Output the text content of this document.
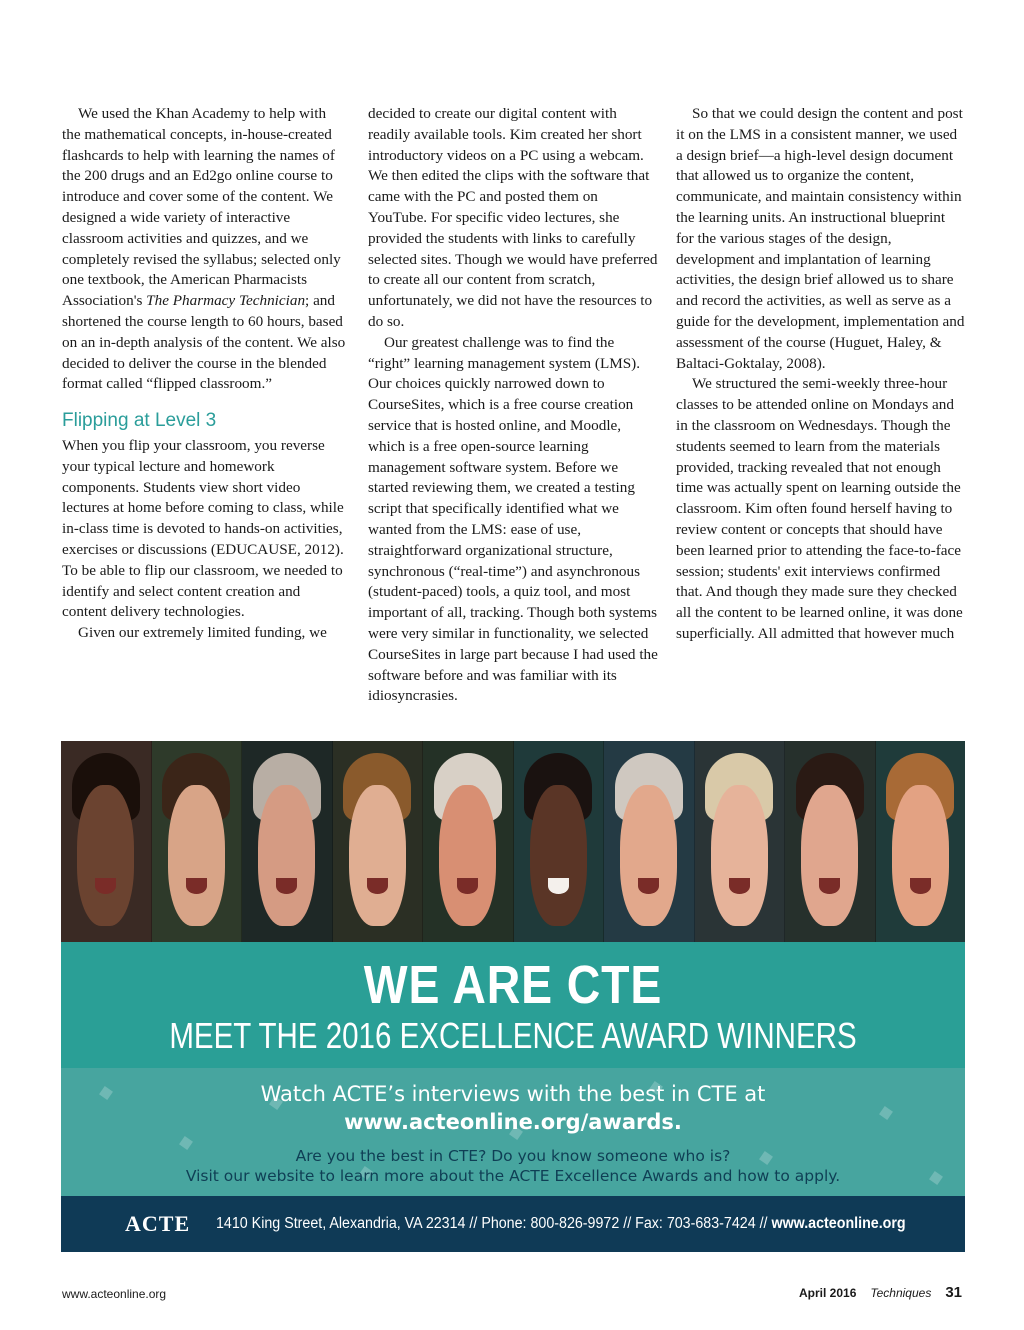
We used the Khan Academy to help with the mathematical concepts, in-house-created flashcards to help with learning the names of the 200 drugs and an Ed2go online course to introduce and cover some of the content. We designed a wide variety of interactive classroom activities and quizzes, and we completely revised the syllabus; selected only one textbook, the American Pharmacists Association's The Pharmacy Technician; and shortened the course length to 60 hours, based on an in-depth analysis of the content. We also decided to deliver the course in the blended format called “flipped classroom.”

Flipping at Level 3

When you flip your classroom, you reverse your typical lecture and homework components. Students view short video lectures at home before coming to class, while in-class time is devoted to hands-on activities, exercises or discussions (EDUCAUSE, 2012). To be able to flip our classroom, we needed to identify and select content creation and content delivery technologies.

Given our extremely limited funding, we

decided to create our digital content with readily available tools. Kim created her short introductory videos on a PC using a webcam. We then edited the clips with the software that came with the PC and posted them on YouTube. For specific video lectures, she provided the students with links to carefully selected sites. Though we would have preferred to create all our content from scratch, unfortunately, we did not have the resources to do so.

Our greatest challenge was to find the “right” learning management system (LMS). Our choices quickly narrowed down to CourseSites, which is a free course creation service that is hosted online, and Moodle, which is a free open-source learning management software system. Before we started reviewing them, we created a testing script that specifically identified what we wanted from the LMS: ease of use, straightforward organizational structure, synchronous (“real-time”) and asynchronous (student-paced) tools, a quiz tool, and most important of all, tracking. Though both systems were very similar in functionality, we selected CourseSites in large part because I had used the software before and was familiar with its idiosyncrasies.

So that we could design the content and post it on the LMS in a consistent manner, we used a design brief—a high-level design document that allowed us to organize the content, communicate, and maintain consistency within the learning units. An instructional blueprint for the various stages of the design, development and implantation of learning activities, the design brief allowed us to share and record the activities, as well as serve as a guide for the development, implementation and assessment of the course (Huguet, Haley, & Baltaci-Goktalay, 2008).

We structured the semi-weekly three-hour classes to be attended online on Mondays and in the classroom on Wednesdays. Though the students seemed to learn from the materials provided, tracking revealed that not enough time was actually spent on learning outside the classroom. Kim often found herself having to review content or concepts that should have been learned prior to attending the face-to-face session; students' exit interviews confirmed that. And though they made sure they checked all the content to be learned online, it was done superficially. All admitted that however much

WE ARE CTE
MEET THE 2016 EXCELLENCE AWARD WINNERS
Watch ACTE’s interviews with the best in CTE at
www.acteonline.org/awards.
Are you the best in CTE? Do you know someone who is?
Visit our website to learn more about the ACTE Excellence Awards and how to apply.
ACTE 1410 King Street, Alexandria, VA 22314 // Phone: 800-826-9972 // Fax: 703-683-7424 // www.acteonline.org
www.acteonline.org	April 2016 Techniques 31
